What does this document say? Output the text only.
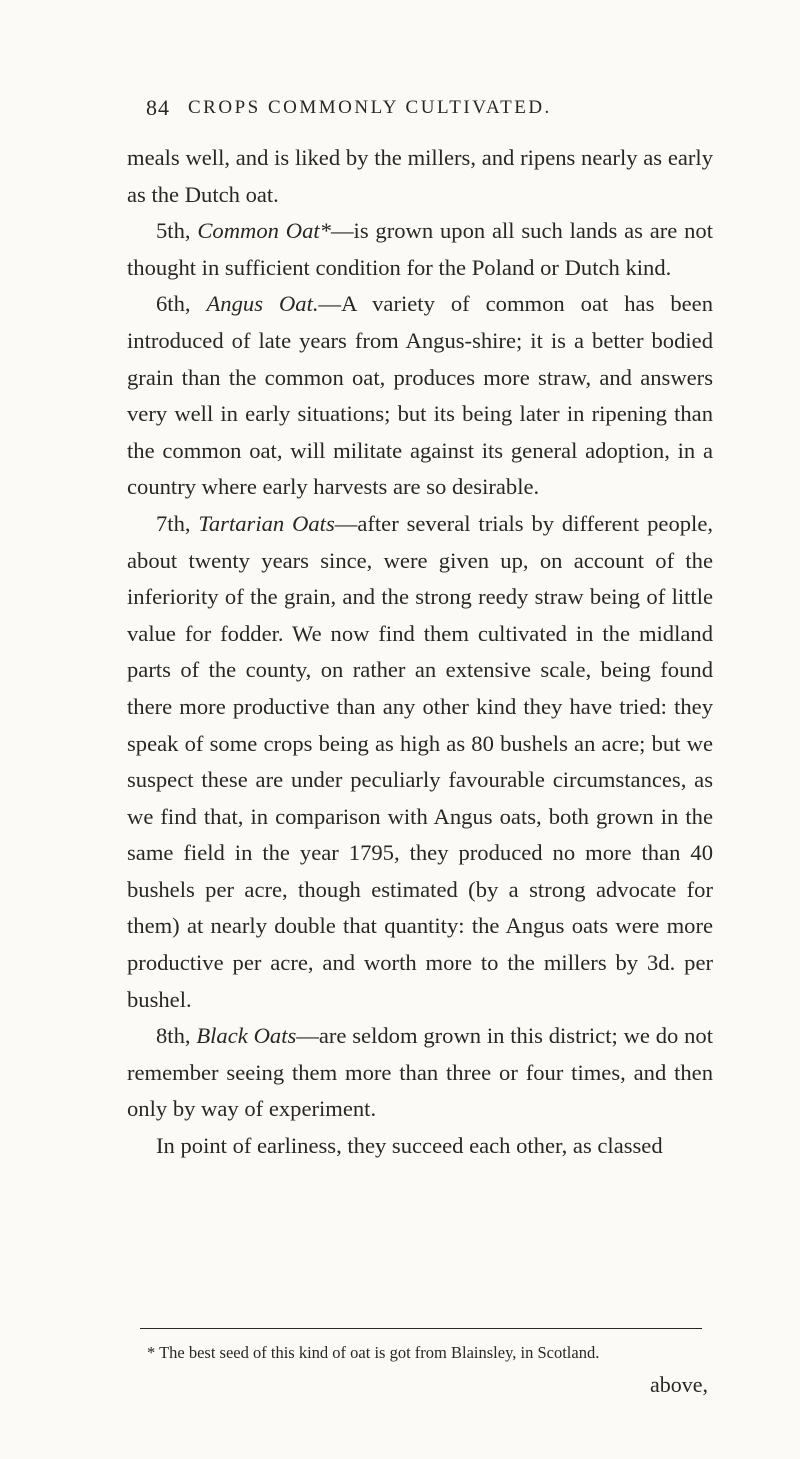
84 CROPS COMMONLY CULTIVATED.

meals well, and is liked by the millers, and ripens nearly as early as the Dutch oat.

5th, Common Oat*—is grown upon all such lands as are not thought in sufficient condition for the Poland or Dutch kind.

6th, Angus Oat.—A variety of common oat has been introduced of late years from Angus-shire; it is a better bodied grain than the common oat, produces more straw, and answers very well in early situations; but its being later in ripening than the common oat, will militate against its general adoption, in a country where early harvests are so desirable.

7th, Tartarian Oats—after several trials by different people, about twenty years since, were given up, on account of the inferiority of the grain, and the strong reedy straw being of little value for fodder. We now find them cultivated in the midland parts of the county, on rather an extensive scale, being found there more productive than any other kind they have tried: they speak of some crops being as high as 80 bushels an acre; but we suspect these are under peculiarly favourable circumstances, as we find that, in comparison with Angus oats, both grown in the same field in the year 1795, they produced no more than 40 bushels per acre, though estimated (by a strong advocate for them) at nearly double that quantity: the Angus oats were more productive per acre, and worth more to the millers by 3d. per bushel.

8th, Black Oats—are seldom grown in this district; we do not remember seeing them more than three or four times, and then only by way of experiment.

In point of earliness, they succeed each other, as classed

* The best seed of this kind of oat is got from Blainsley, in Scotland.
above,
